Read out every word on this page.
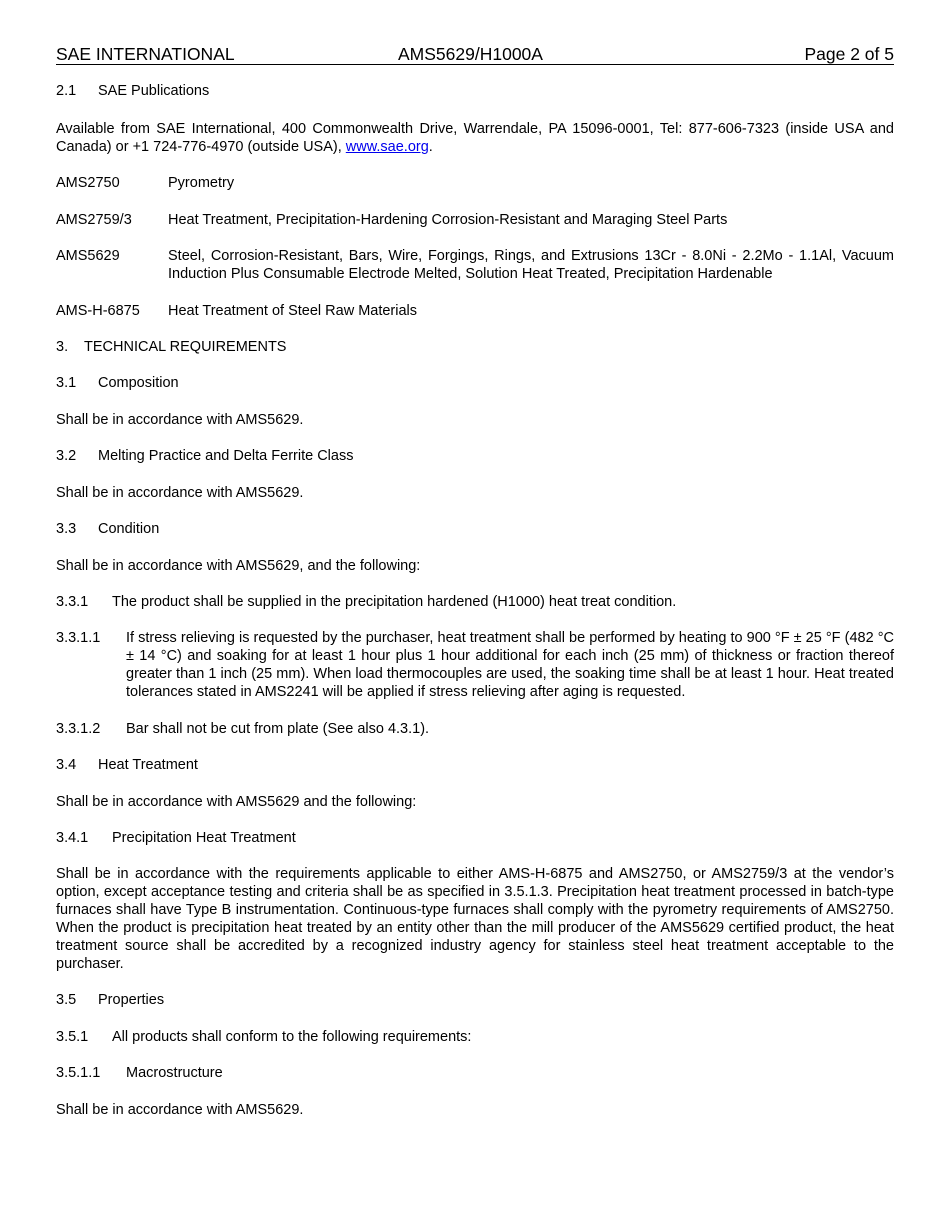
SAE INTERNATIONAL	AMS5629/H1000A	Page 2 of 5
2.1 SAE Publications
Available from SAE International, 400 Commonwealth Drive, Warrendale, PA 15096-0001, Tel: 877-606-7323 (inside USA and Canada) or +1 724-776-4970 (outside USA), www.sae.org.
AMS2750	Pyrometry
AMS2759/3 Heat Treatment, Precipitation-Hardening Corrosion-Resistant and Maraging Steel Parts
AMS5629	Steel, Corrosion-Resistant, Bars, Wire, Forgings, Rings, and Extrusions 13Cr - 8.0Ni - 2.2Mo - 1.1Al, Vacuum Induction Plus Consumable Electrode Melted, Solution Heat Treated, Precipitation Hardenable
AMS-H-6875 Heat Treatment of Steel Raw Materials
3. TECHNICAL REQUIREMENTS
3.1 Composition
Shall be in accordance with AMS5629.
3.2 Melting Practice and Delta Ferrite Class
Shall be in accordance with AMS5629.
3.3 Condition
Shall be in accordance with AMS5629, and the following:
3.3.1 The product shall be supplied in the precipitation hardened (H1000) heat treat condition.
3.3.1.1 If stress relieving is requested by the purchaser, heat treatment shall be performed by heating to 900 °F ± 25 °F (482 °C ± 14 °C) and soaking for at least 1 hour plus 1 hour additional for each inch (25 mm) of thickness or fraction thereof greater than 1 inch (25 mm). When load thermocouples are used, the soaking time shall be at least 1 hour. Heat treated tolerances stated in AMS2241 will be applied if stress relieving after aging is requested.
3.3.1.2 Bar shall not be cut from plate (See also 4.3.1).
3.4 Heat Treatment
Shall be in accordance with AMS5629 and the following:
3.4.1 Precipitation Heat Treatment
Shall be in accordance with the requirements applicable to either AMS-H-6875 and AMS2750, or AMS2759/3 at the vendor’s option, except acceptance testing and criteria shall be as specified in 3.5.1.3. Precipitation heat treatment processed in batch-type furnaces shall have Type B instrumentation. Continuous-type furnaces shall comply with the pyrometry requirements of AMS2750. When the product is precipitation heat treated by an entity other than the mill producer of the AMS5629 certified product, the heat treatment source shall be accredited by a recognized industry agency for stainless steel heat treatment acceptable to the purchaser.
3.5 Properties
3.5.1 All products shall conform to the following requirements:
3.5.1.1 Macrostructure
Shall be in accordance with AMS5629.
